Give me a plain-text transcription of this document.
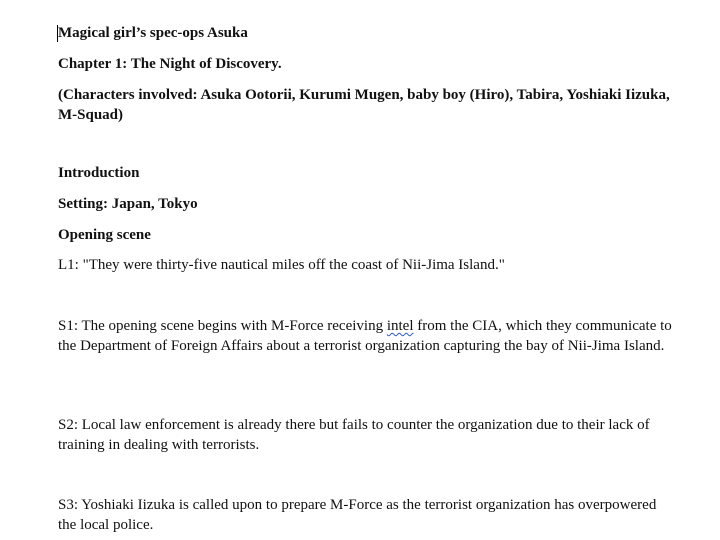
Magical girl’s spec-ops Asuka
Chapter 1: The Night of Discovery.
(Characters involved: Asuka Ootorii, Kurumi Mugen, baby boy (Hiro), Tabira, Yoshiaki Iizuka, M-Squad)
Introduction
Setting: Japan, Tokyo
Opening scene
L1: "They were thirty-five nautical miles off the coast of Nii-Jima Island."
S1: The opening scene begins with M-Force receiving intel from the CIA, which they communicate to the Department of Foreign Affairs about a terrorist organization capturing the bay of Nii-Jima Island.
S2: Local law enforcement is already there but fails to counter the organization due to their lack of training in dealing with terrorists.
S3: Yoshiaki Iizuka is called upon to prepare M-Force as the terrorist organization has overpowered the local police.
